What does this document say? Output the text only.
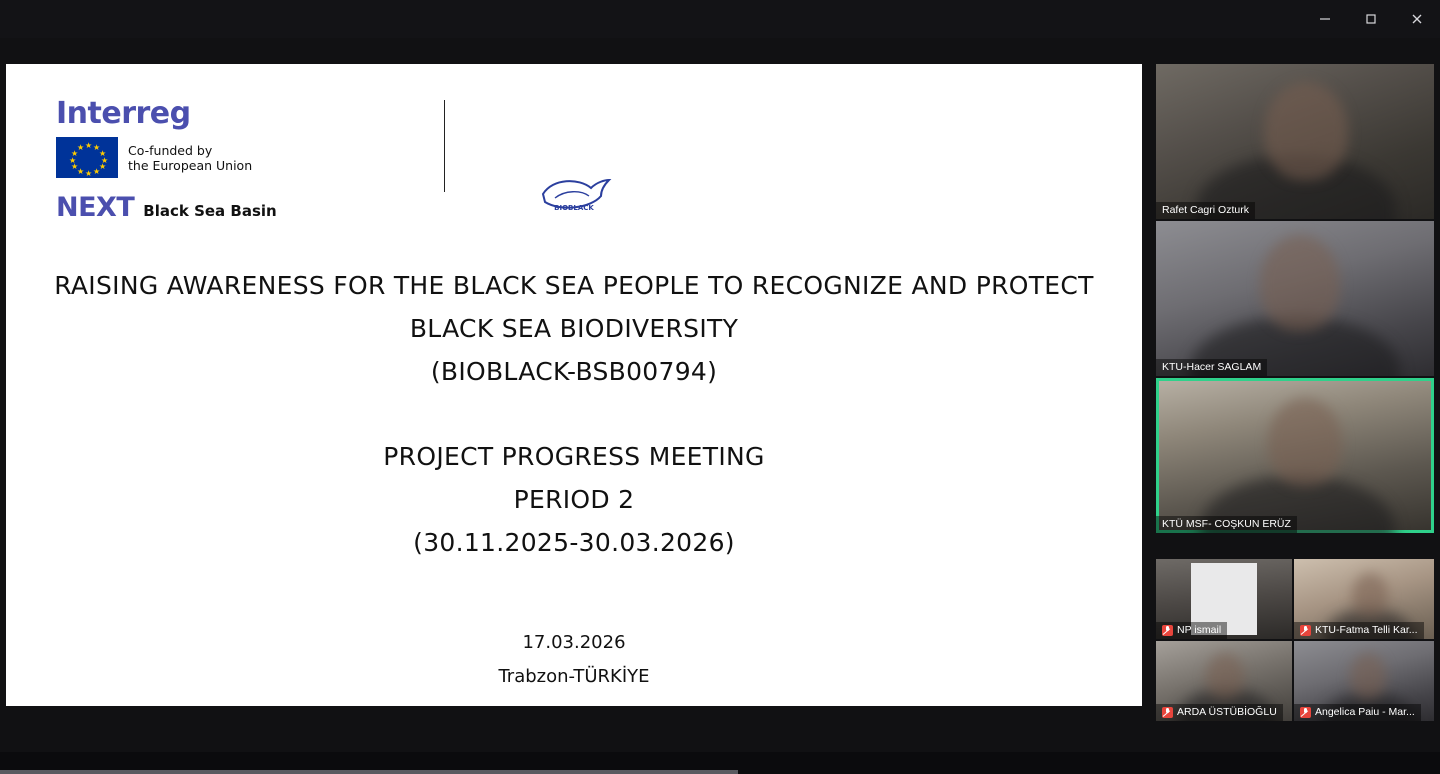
Interreg
★ ★
★
★
★
★
★
★
★
★
★
★	Co-funded by
the European Union
NEXT Black Sea Basin	BIOBLACK
RAISING AWARENESS FOR THE BLACK SEA PEOPLE TO RECOGNIZE AND PROTECT
BLACK SEA BIODIVERSITY
(BIOBLACK-BSB00794)
PROJECT PROGRESS MEETING
PERIOD 2
(30.11.2025-30.03.2026)
17.03.2026
Trabzon-TÜRKİYE
Rafet Cagri Ozturk
KTU-Hacer SAGLAM
KTÜ MSF- COŞKUN ERÜZ
NP ismail	KTU-Fatma Telli Kar...
ARDA ÜSTÜBİOĞLU	Angelica Paiu - Mar...
